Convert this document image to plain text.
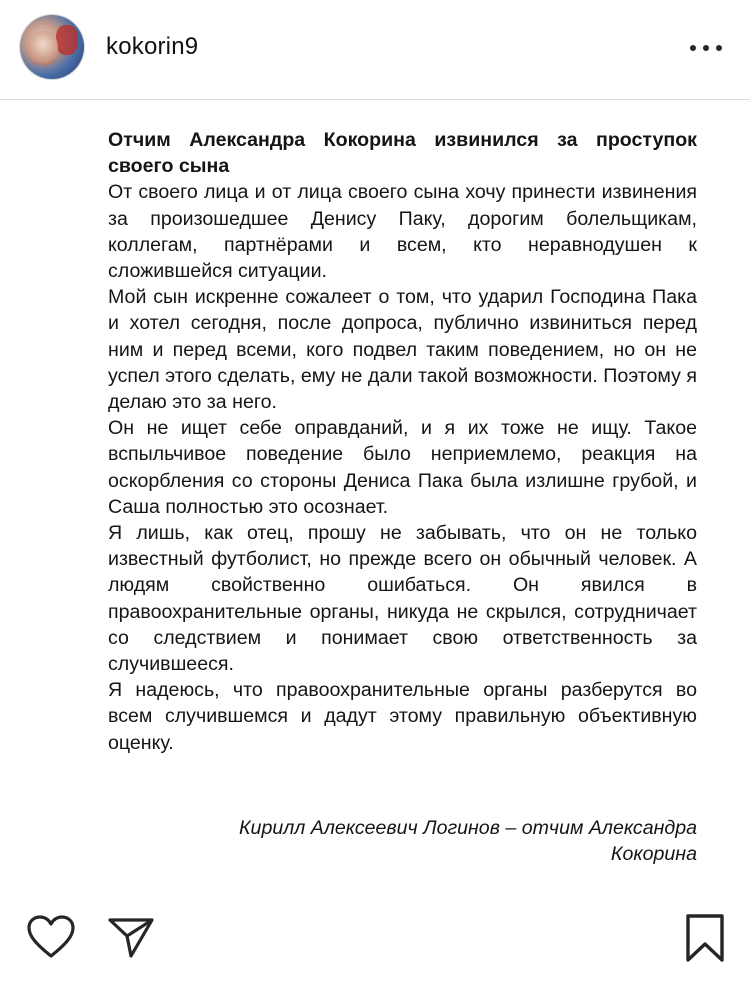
kokorin9

Отчим Александра Кокорина извинился за проступок своего сына

От своего лица и от лица своего сына хочу принести извинения за произошедшее Денису Паку, дорогим болельщикам, коллегам, партнёрами и всем, кто неравнодушен к сложившейся ситуации.

Мой сын искренне сожалеет о том, что ударил Господина Пака и хотел сегодня, после допроса, публично извиниться перед ним и перед всеми, кого подвел таким поведением, но он не успел этого сделать, ему не дали такой возможности. Поэтому я делаю это за него.

Он не ищет себе оправданий, и я их тоже не ищу. Такое вспыльчивое поведение было неприемлемо, реакция на оскорбления со стороны Дениса Пака была излишне грубой, и Саша полностью это осознает.

Я лишь, как отец, прошу не забывать, что он не только известный футболист, но прежде всего он обычный человек. А людям свойственно ошибаться. Он явился в правоохранительные органы, никуда не скрылся, сотрудничает со следствием и понимает свою ответственность за случившееся.

Я надеюсь, что правоохранительные органы разберутся во всем случившемся и дадут этому правильную объективную оценку.

Кирилл Алексеевич Логинов – отчим Александра
Кокорина
